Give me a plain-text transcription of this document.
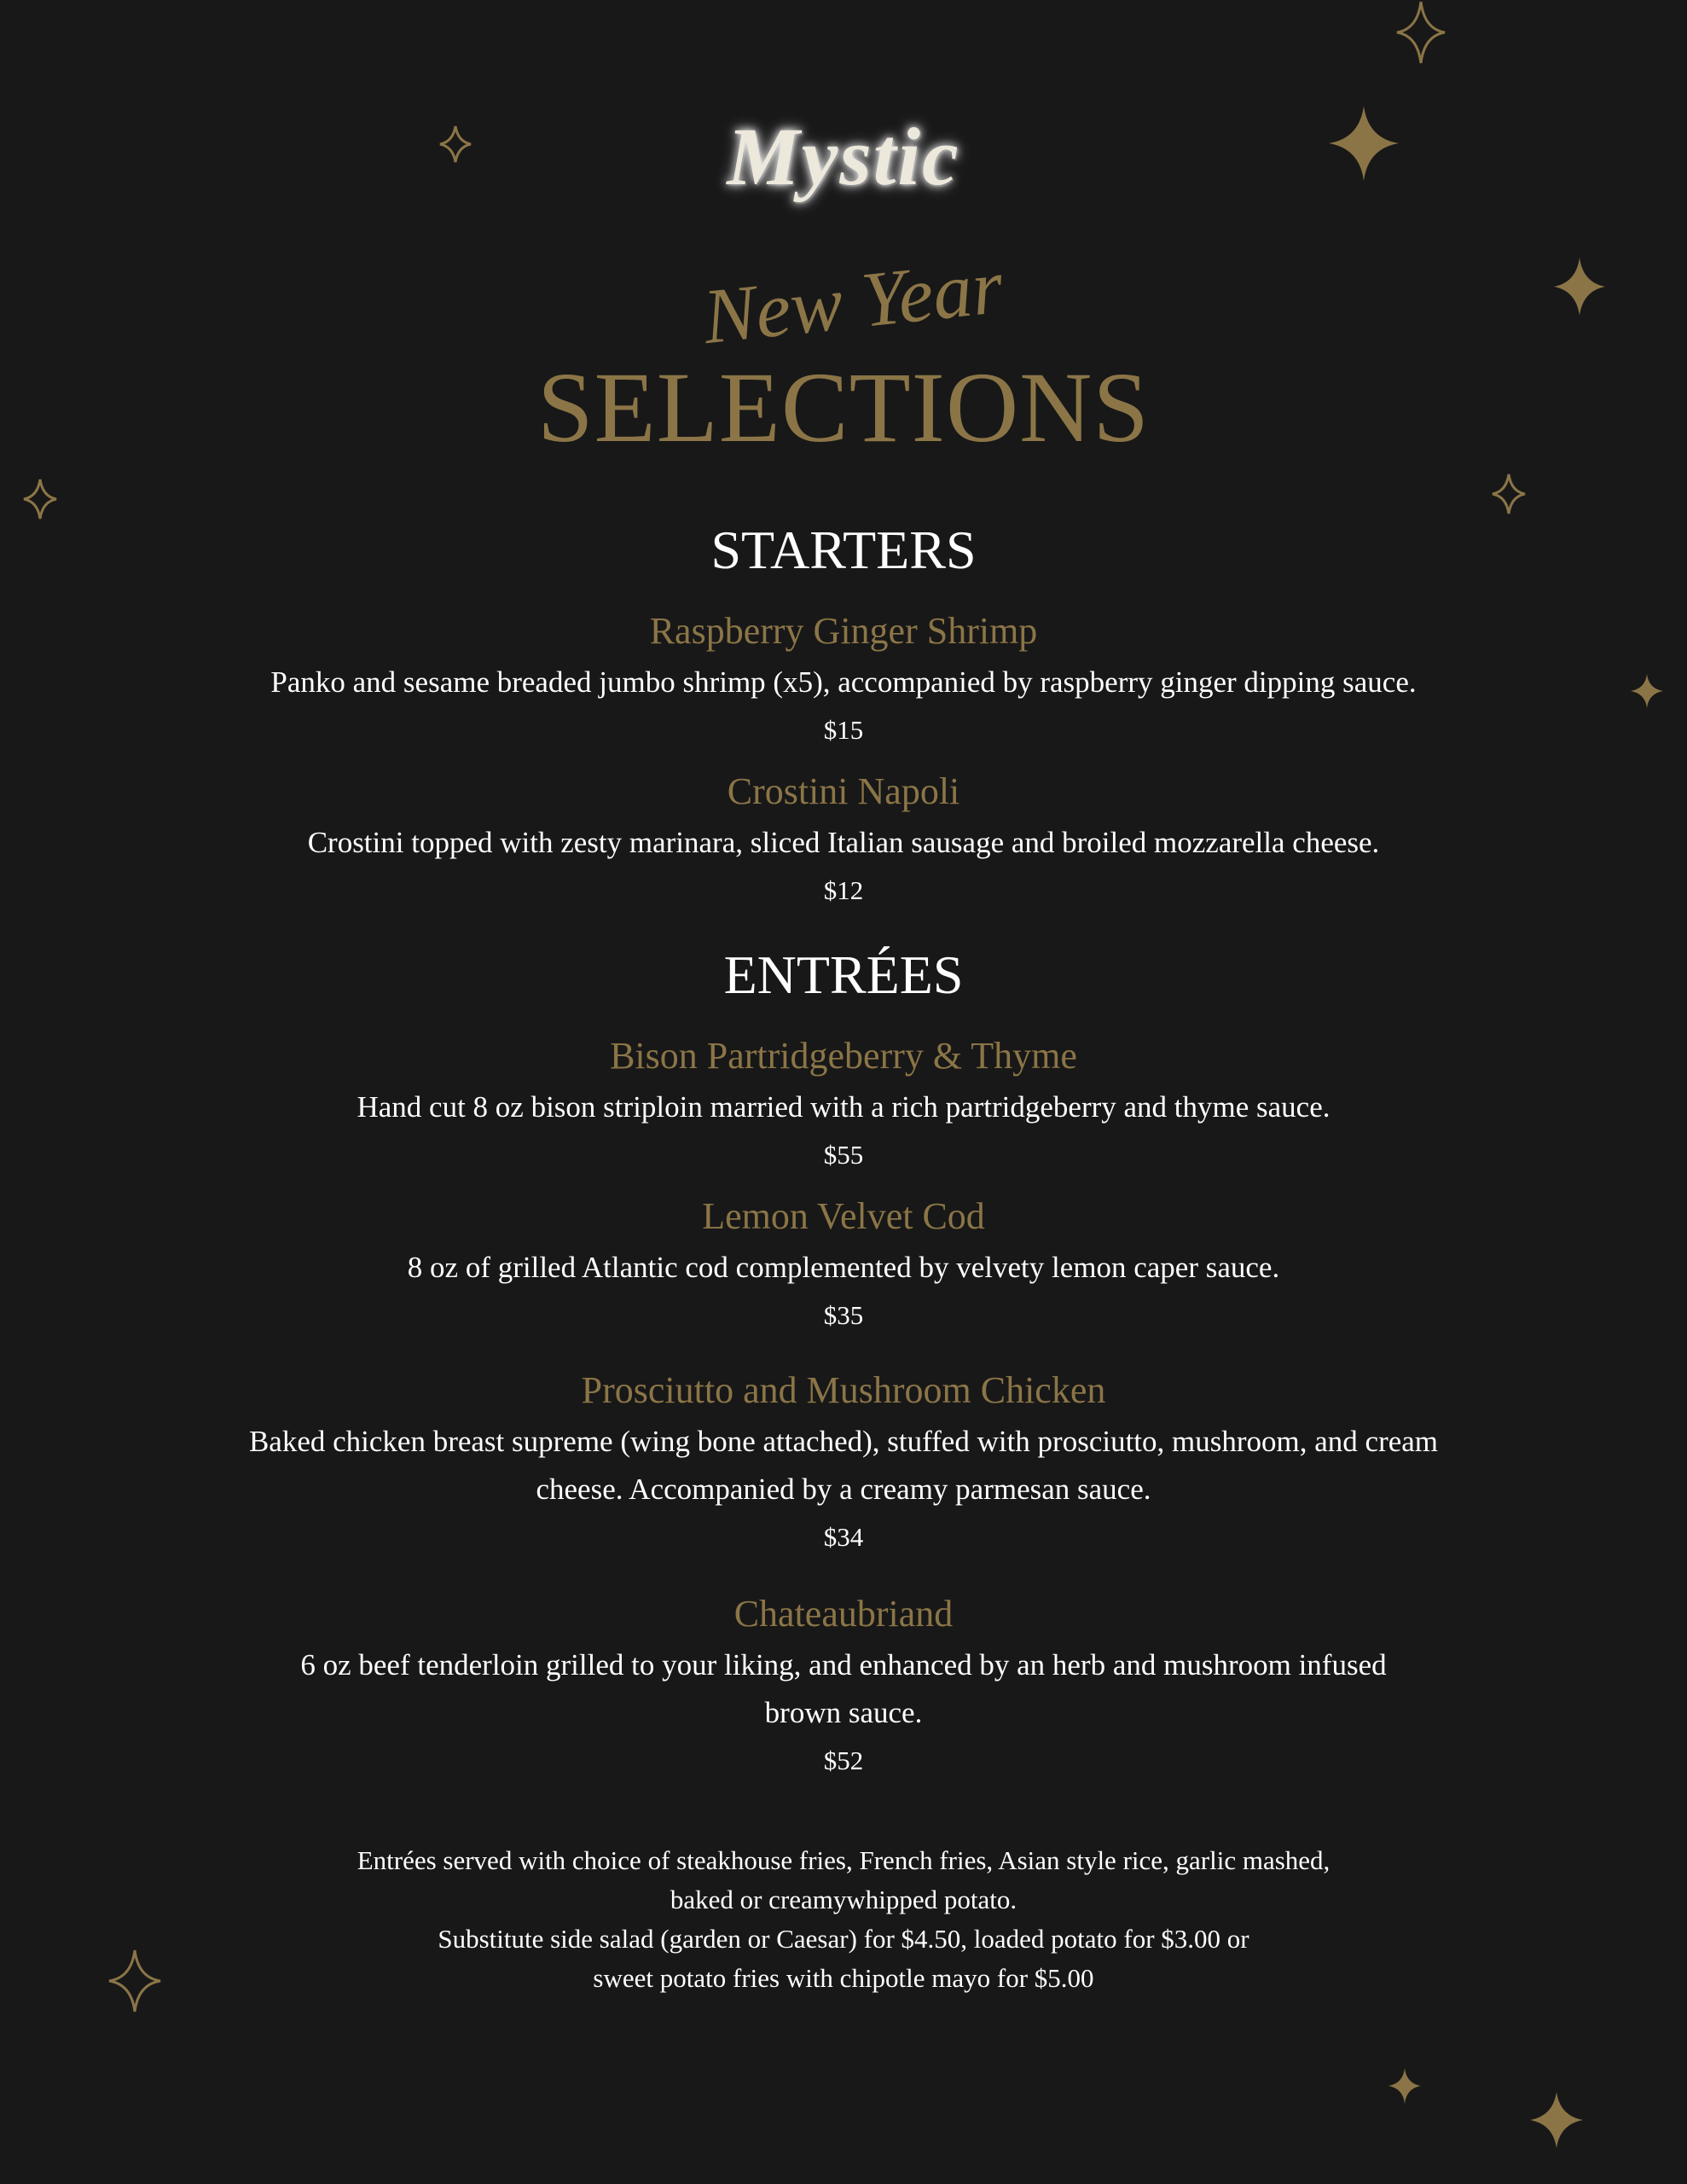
Mystic
New Year
SELECTIONS
STARTERS
Raspberry Ginger Shrimp
Panko and sesame breaded jumbo shrimp (x5), accompanied by raspberry ginger dipping sauce.
$15
Crostini Napoli
Crostini topped with zesty marinara, sliced Italian sausage and broiled mozzarella cheese.
$12
ENTRÉES
Bison Partridgeberry & Thyme
Hand cut 8 oz bison striploin married with a rich partridgeberry and thyme sauce.
$55
Lemon Velvet Cod
8 oz of grilled Atlantic cod complemented by velvety lemon caper sauce.
$35
Prosciutto and Mushroom Chicken
Baked chicken breast supreme (wing bone attached), stuffed with prosciutto, mushroom, and cream
cheese. Accompanied by a creamy parmesan sauce.
$34
Chateaubriand
6 oz beef tenderloin grilled to your liking, and enhanced by an herb and mushroom infused
brown sauce.
$52
Entrées served with choice of steakhouse fries, French fries, Asian style rice, garlic mashed,
baked or creamywhipped potato.
Substitute side salad (garden or Caesar) for $4.50, loaded potato for $3.00 or
sweet potato fries with chipotle mayo for $5.00
